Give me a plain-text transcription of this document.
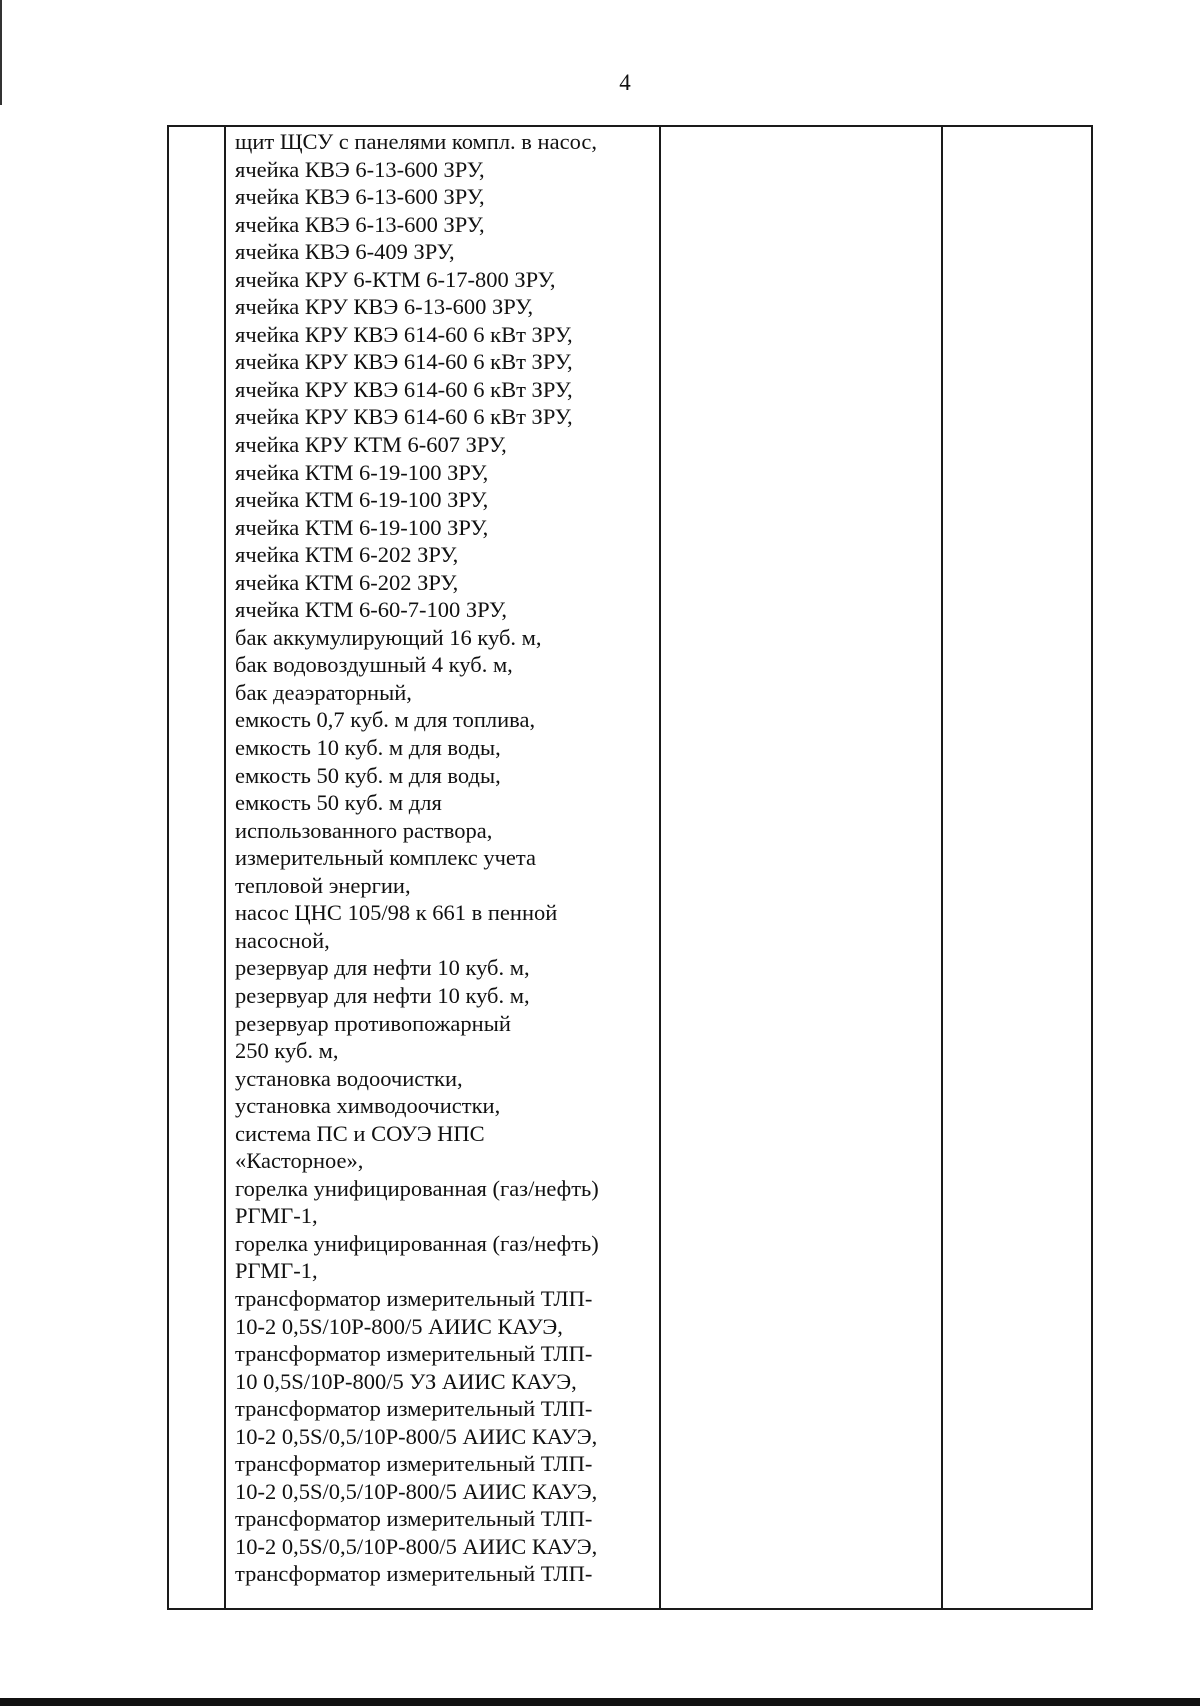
4
щит ЩСУ с панелями компл. в насос,
ячейка КВЭ 6-13-600 ЗРУ,
ячейка КВЭ 6-13-600 ЗРУ,
ячейка КВЭ 6-13-600 ЗРУ,
ячейка КВЭ 6-409 ЗРУ,
ячейка КРУ 6-КТМ 6-17-800 ЗРУ,
ячейка КРУ КВЭ 6-13-600 ЗРУ,
ячейка КРУ КВЭ 614-60 6 кВт ЗРУ,
ячейка КРУ КВЭ 614-60 6 кВт ЗРУ,
ячейка КРУ КВЭ 614-60 6 кВт ЗРУ,
ячейка КРУ КВЭ 614-60 6 кВт ЗРУ,
ячейка КРУ КТМ 6-607 ЗРУ,
ячейка КТМ 6-19-100 ЗРУ,
ячейка КТМ 6-19-100 ЗРУ,
ячейка КТМ 6-19-100 ЗРУ,
ячейка КТМ 6-202 ЗРУ,
ячейка КТМ 6-202 ЗРУ,
ячейка КТМ 6-60-7-100 ЗРУ,
бак аккумулирующий 16 куб. м,
бак водовоздушный 4 куб. м,
бак деаэраторный,
емкость 0,7 куб. м для топлива,
емкость 10 куб. м для воды,
емкость 50 куб. м для воды,
емкость 50 куб. м для
использованного раствора,
измерительный комплекс учета
тепловой энергии,
насос ЦНС 105/98 к 661 в пенной
насосной,
резервуар для нефти 10 куб. м,
резервуар для нефти 10 куб. м,
резервуар противопожарный
250 куб. м,
установка водоочистки,
установка химводоочистки,
система ПС и СОУЭ НПС
«Касторное»,
горелка унифицированная (газ/нефть)
РГМГ-1,
горелка унифицированная (газ/нефть)
РГМГ-1,
трансформатор измерительный ТЛП-
10-2 0,5S/10P-800/5 АИИС КАУЭ,
трансформатор измерительный ТЛП-
10 0,5S/10P-800/5 УЗ АИИС КАУЭ,
трансформатор измерительный ТЛП-
10-2 0,5S/0,5/10P-800/5 АИИС КАУЭ,
трансформатор измерительный ТЛП-
10-2 0,5S/0,5/10P-800/5 АИИС КАУЭ,
трансформатор измерительный ТЛП-
10-2 0,5S/0,5/10P-800/5 АИИС КАУЭ,
трансформатор измерительный ТЛП-
